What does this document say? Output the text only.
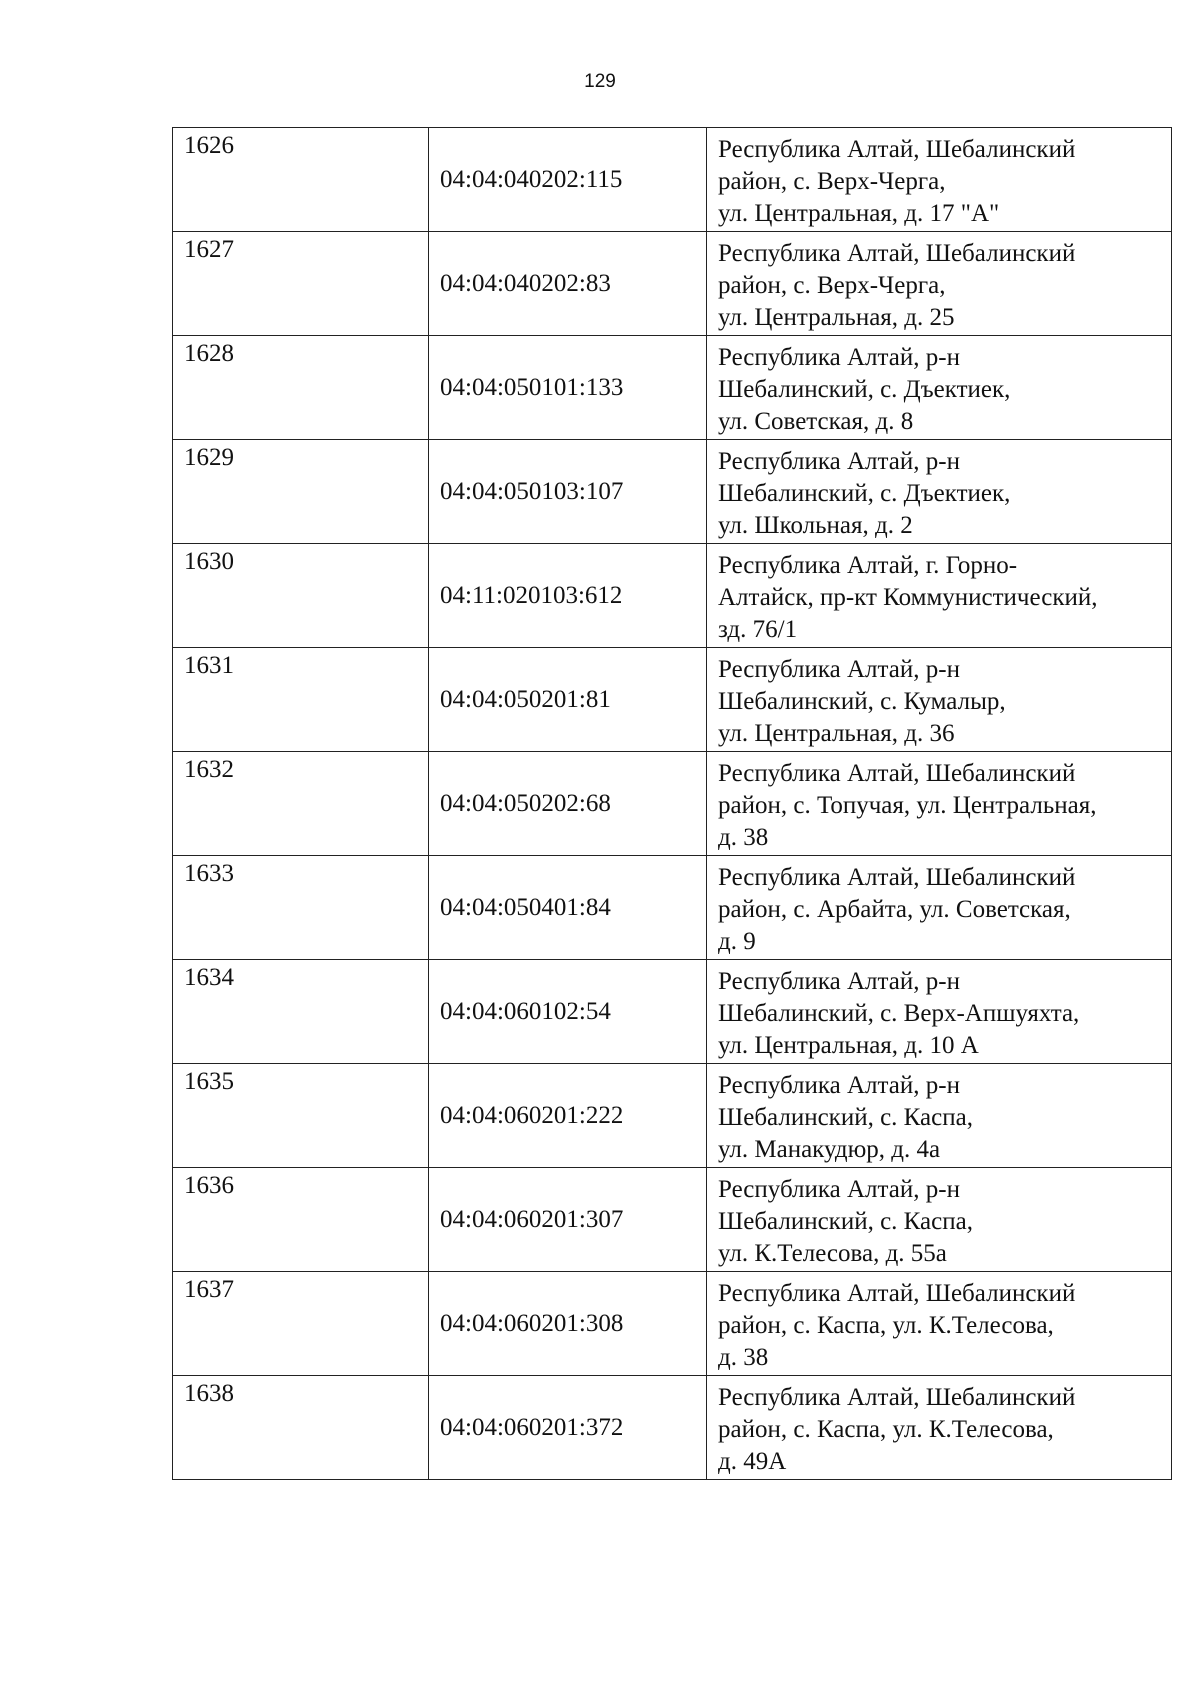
129
1626	04:04:040202:115	Республика Алтай, Шебалинский
район, с. Верх-Черга,
ул. Центральная, д. 17 "А"

1627	04:04:040202:83	Республика Алтай, Шебалинский
район, с. Верх-Черга,
ул. Центральная, д. 25

1628	04:04:050101:133	Республика Алтай, р-н
Шебалинский, с. Дъектиек,
ул. Советская, д. 8

1629	04:04:050103:107	Республика Алтай, р-н
Шебалинский, с. Дъектиек,
ул. Школьная, д. 2

1630	04:11:020103:612	Республика Алтай, г. Горно-
Алтайск, пр-кт Коммунистический,
зд. 76/1

1631	04:04:050201:81	Республика Алтай, р-н
Шебалинский, с. Кумалыр,
ул. Центральная, д. 36

1632	04:04:050202:68	Республика Алтай, Шебалинский
район, с. Топучая, ул. Центральная,
д. 38

1633	04:04:050401:84	Республика Алтай, Шебалинский
район, с. Арбайта, ул. Советская,
д. 9

1634	04:04:060102:54	Республика Алтай, р-н
Шебалинский, с. Верх-Апшуяхта,
ул. Центральная, д. 10 А

1635	04:04:060201:222	Республика Алтай, р-н
Шебалинский, с. Каспа,
ул. Манакудюр, д. 4а

1636	04:04:060201:307	Республика Алтай, р-н
Шебалинский, с. Каспа,
ул. К.Телесова, д. 55а

1637	04:04:060201:308	Республика Алтай, Шебалинский
район, с. Каспа, ул. К.Телесова,
д. 38

1638	04:04:060201:372	Республика Алтай, Шебалинский
район, с. Каспа, ул. К.Телесова,
д. 49А
